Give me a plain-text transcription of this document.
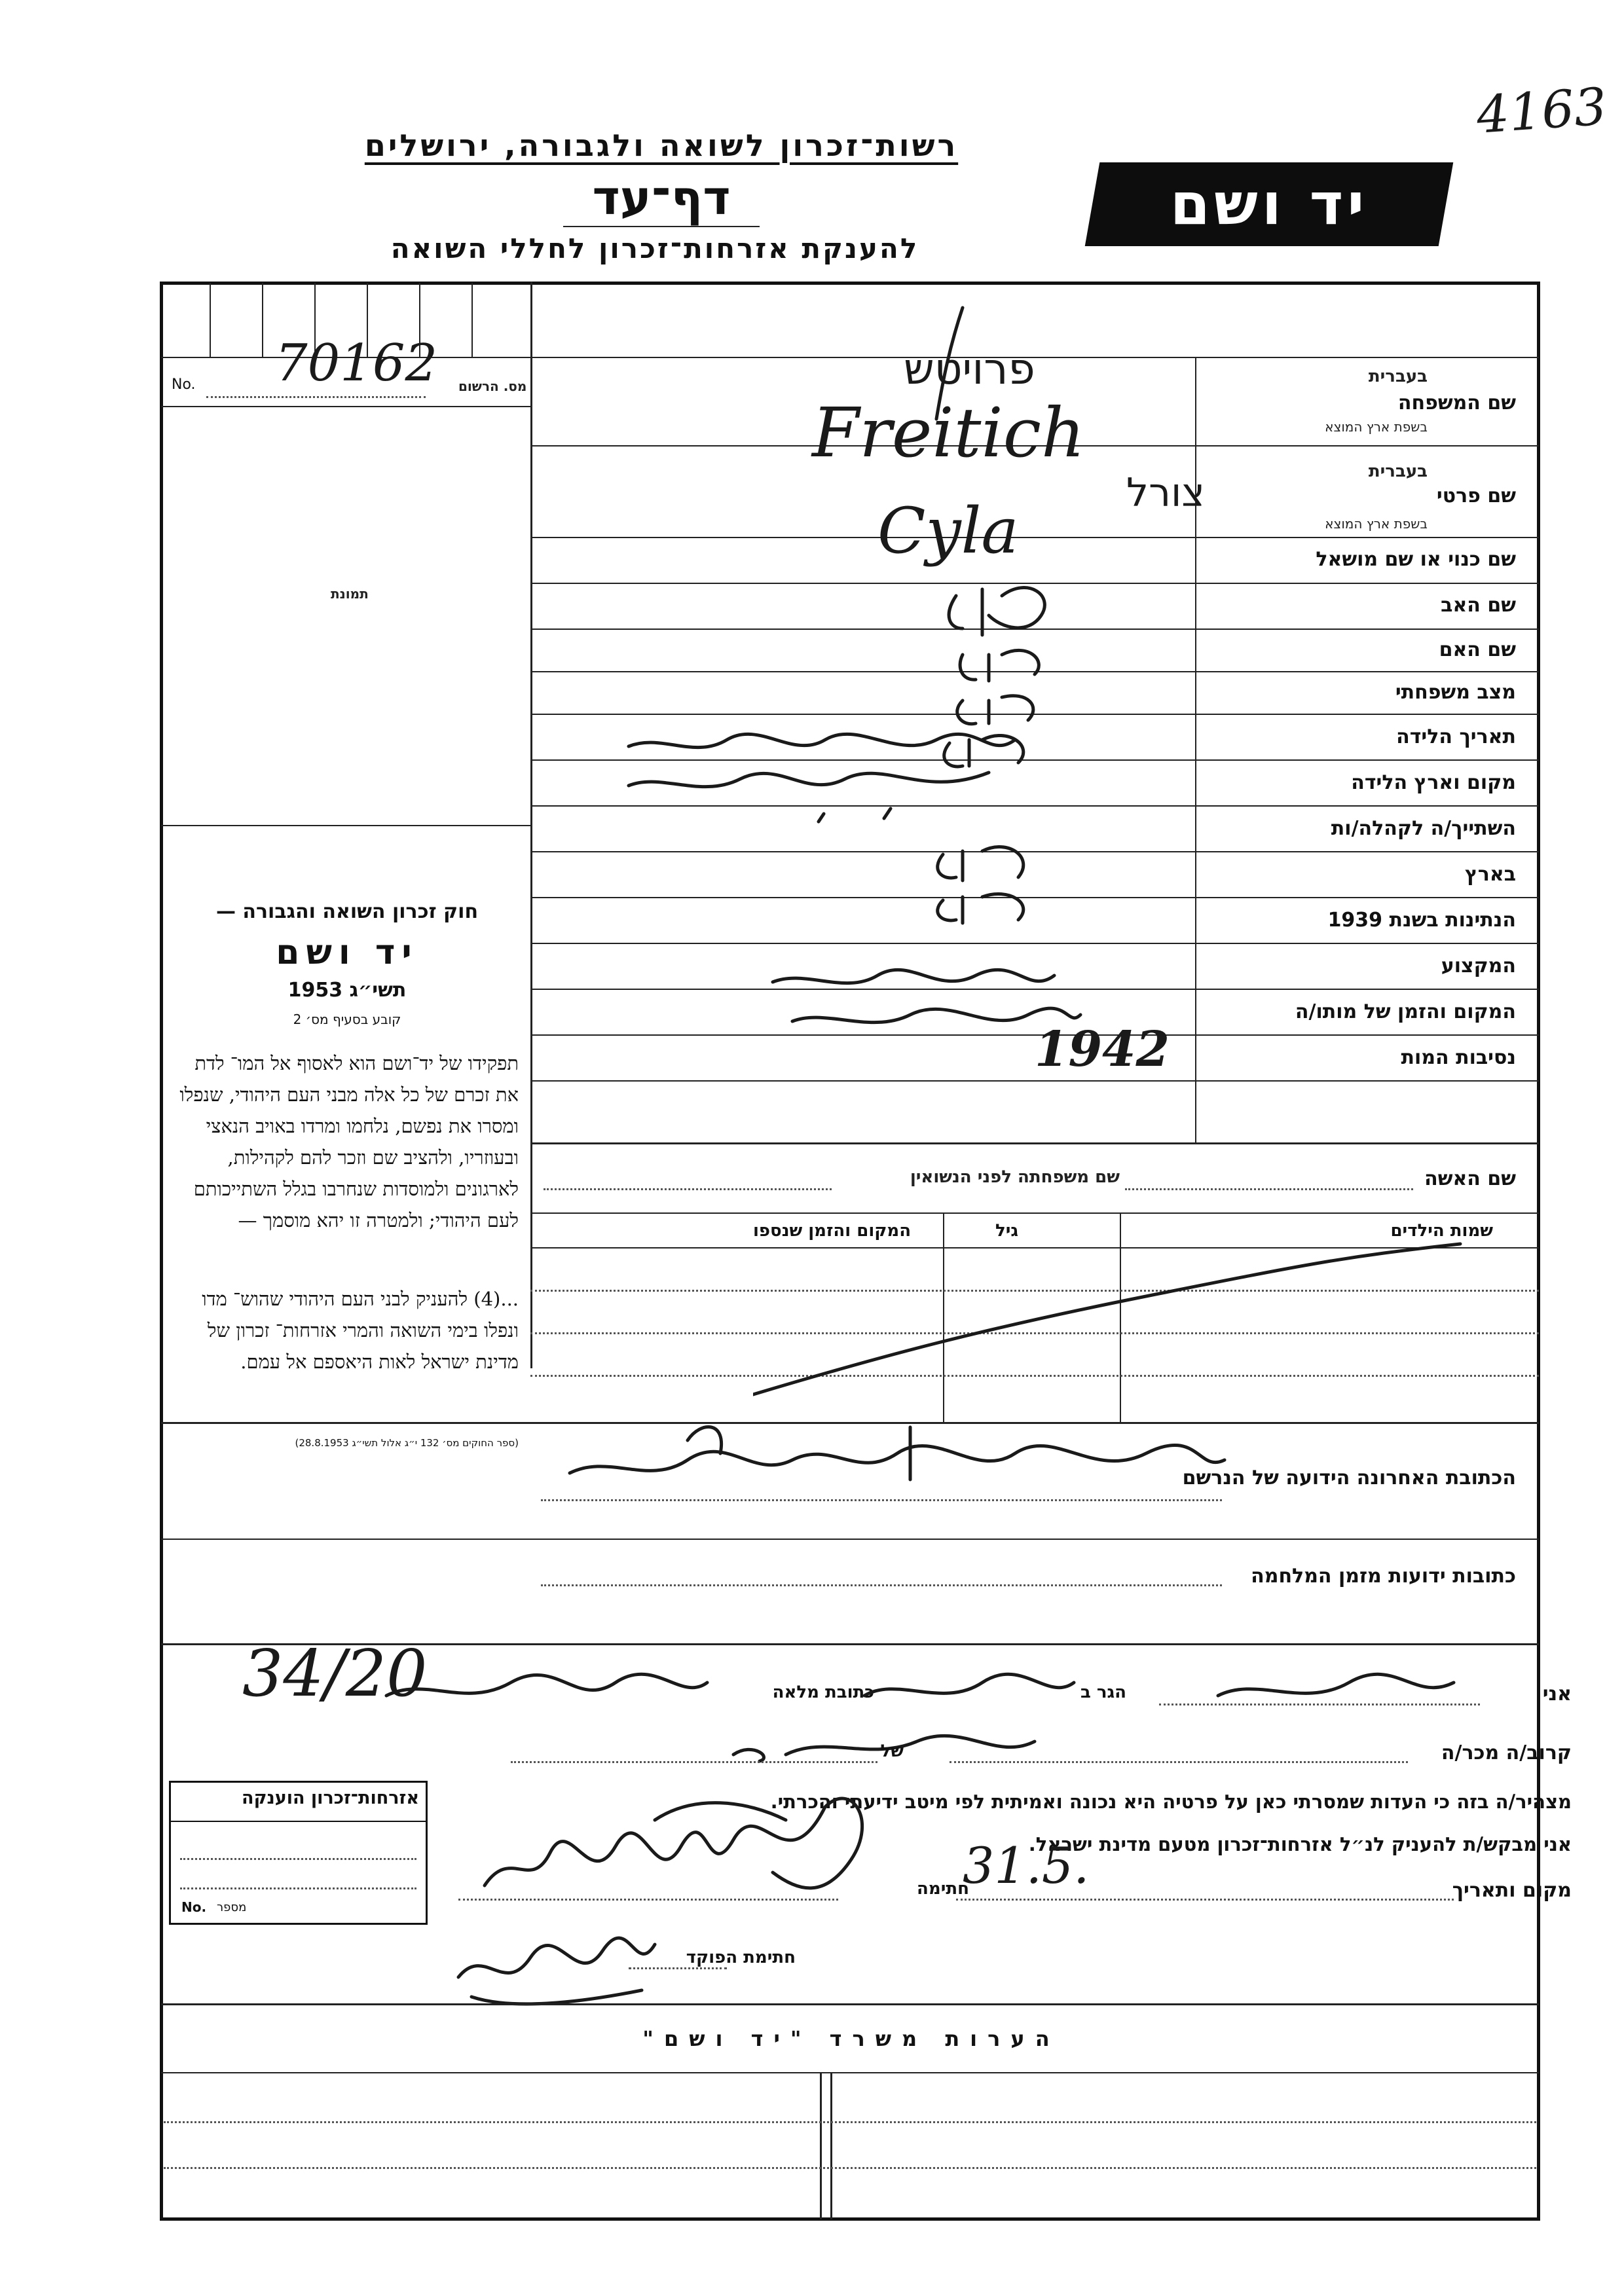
4163
רשות־זכרון לשואה ולגבורה, ירושלים
דף־עד
להענקת אזרחות־זכרון לחללי השואה
יד ושם
No.	מס. הרשום
70162
תמונת
שם המשפחה
בעברית
בשפת ארץ המוצא
שם פרטי
בעברית
בשפת ארץ המוצא
שם כנוי או שם מושאל
שם האב
שם האם
מצב משפחתי
תאריך הלידה
מקום וארץ הלידה
השתייך/ה לקהלה/ות
בארץ
הנתינות בשנת 1939
המקצוע
המקום והזמן של מותו/ה
נסיבות המות
פרויטש
Freitich
צורל
Cyla
1942
חוק זכרון השואה והגבורה —
יד ושם
1953 תשי״ג
קובע בסעיף מס׳ 2
תפקידו של יד־ושם הוא לאסוף אל המו־ לדת את זכרם של כל אלה מבני העם היהודי, שנפלו ומסרו את נפשם, נלחמו ומרדו באויב הנאצי ובעוזריו, ולהציב שם וזכר להם לקהילות, לארגונים ולמוסדות שנחרבו בגלל השתייכותם לעם היהודי; ולמטרה זו יהא מוסמך —
...(4) להעניק לבני העם היהודי שהוש־ מדו ונפלו בימי השואה והמרי אזרחות־ זכרון של מדינת ישראל לאות היאספם אל עמם.
(ספר החוקים מס׳ 132 י״ג אלול תשי״ג 28.8.1953)
שם האשה
שם משפחתה לפני הנשואין
שמות הילדים
גיל
המקום והזמן שנספו
הכתובת האחרונה הידועה של הנרשם
כתובות ידועות מזמן המלחמה
אני
הגר ב
כתובת מלאה
34/20
קרוב/ה מכר/ה
של
מצהיר/ה בזה כי העדות שמסרתי כאן על פרטיה היא נכונה ואמיתית לפי מיטב ידיעתי והכרתי.
אני מבקש/ת להעניק לנ״ל אזרחות־זכרון מטעם מדינת ישראל.
מקום ותאריך
31.5.
חתימה
חתימת הפוקד
אזרחות־זכרון הוענקה
No. מספר
הערות משרד "יד ושם"
